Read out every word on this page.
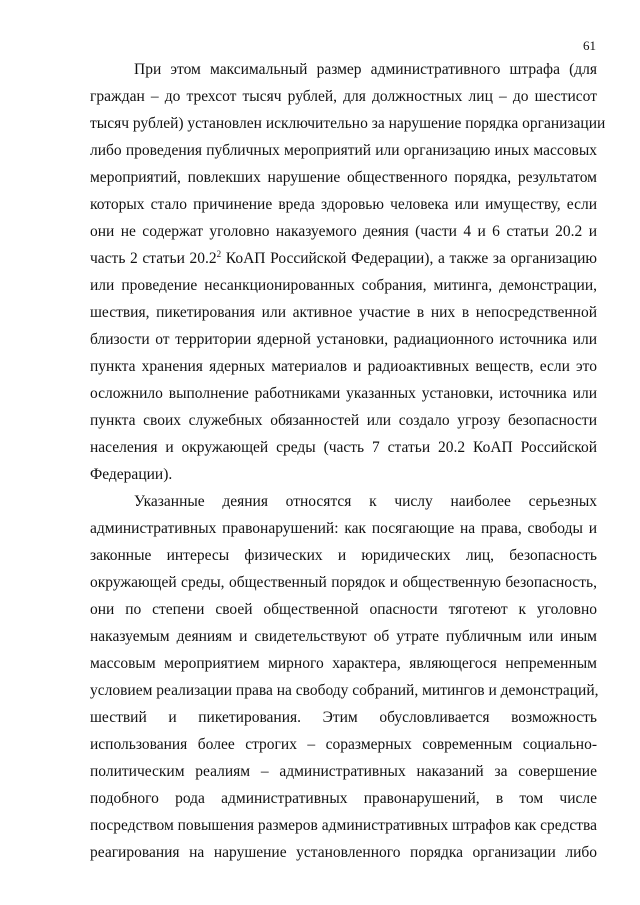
61
При этом максимальный размер административного штрафа (для
граждан – до трехсот тысяч рублей, для должностных лиц – до шестисот
тысяч рублей) установлен исключительно за нарушение порядка организации
либо проведения публичных мероприятий или организацию иных массовых
мероприятий, повлекших нарушение общественного порядка, результатом
которых стало причинение вреда здоровью человека или имуществу, если
они не содержат уголовно наказуемого деяния (части 4 и 6 статьи 20.2 и
часть 2 статьи 20.2$^2$ КоАП Российской Федерации), а также за организацию
или проведение несанкционированных собрания, митинга, демонстрации,
шествия, пикетирования или активное участие в них в непосредственной
близости от территории ядерной установки, радиационного источника или
пункта хранения ядерных материалов и радиоактивных веществ, если это
осложнило выполнение работниками указанных установки, источника или
пункта своих служебных обязанностей или создало угрозу безопасности
населения и окружающей среды (часть 7 статьи 20.2 КоАП Российской
Федерации).
Указанные деяния относятся к числу наиболее серьезных
административных правонарушений: как посягающие на права, свободы и
законные интересы физических и юридических лиц, безопасность
окружающей среды, общественный порядок и общественную безопасность,
они по степени своей общественной опасности тяготеют к уголовно
наказуемым деяниям и свидетельствуют об утрате публичным или иным
массовым мероприятием мирного характера, являющегося непременным
условием реализации права на свободу собраний, митингов и демонстраций,
шествий и пикетирования. Этим обусловливается возможность
использования более строгих – соразмерных современным социально-
политическим реалиям – административных наказаний за совершение
подобного рода административных правонарушений, в том числе
посредством повышения размеров административных штрафов как средства
реагирования на нарушение установленного порядка организации либо
